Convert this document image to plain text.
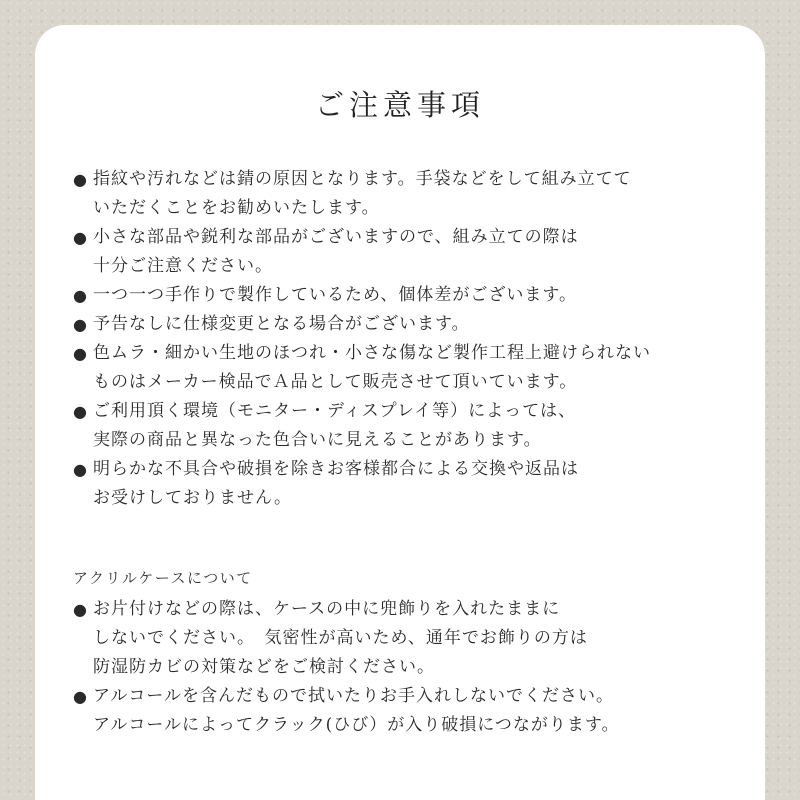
ご注意事項
● 指紋や汚れなどは錆の原因となります。手袋などをして組み立てて
いただくことをお勧めいたします。
● 小さな部品や鋭利な部品がございますので、組み立ての際は
十分ご注意ください。
● 一つ一つ手作りで製作しているため、個体差がございます。
● 予告なしに仕様変更となる場合がございます。
● 色ムラ・細かい生地のほつれ・小さな傷など製作工程上避けられない
ものはメーカー検品でＡ品として販売させて頂いています。
● ご利用頂く環境（モニター・ディスプレイ等）によっては、
実際の商品と異なった色合いに見えることがあります。
● 明らかな不具合や破損を除きお客様都合による交換や返品は
お受けしておりません。
アクリルケースについて
● お片付けなどの際は、ケースの中に兜飾りを入れたままに
しないでください。　気密性が高いため、通年でお飾りの方は
防湿防カビの対策などをご検討ください。
● アルコールを含んだもので拭いたりお手入れしないでください。
アルコールによってクラック(ひび）が入り破損につながります。
